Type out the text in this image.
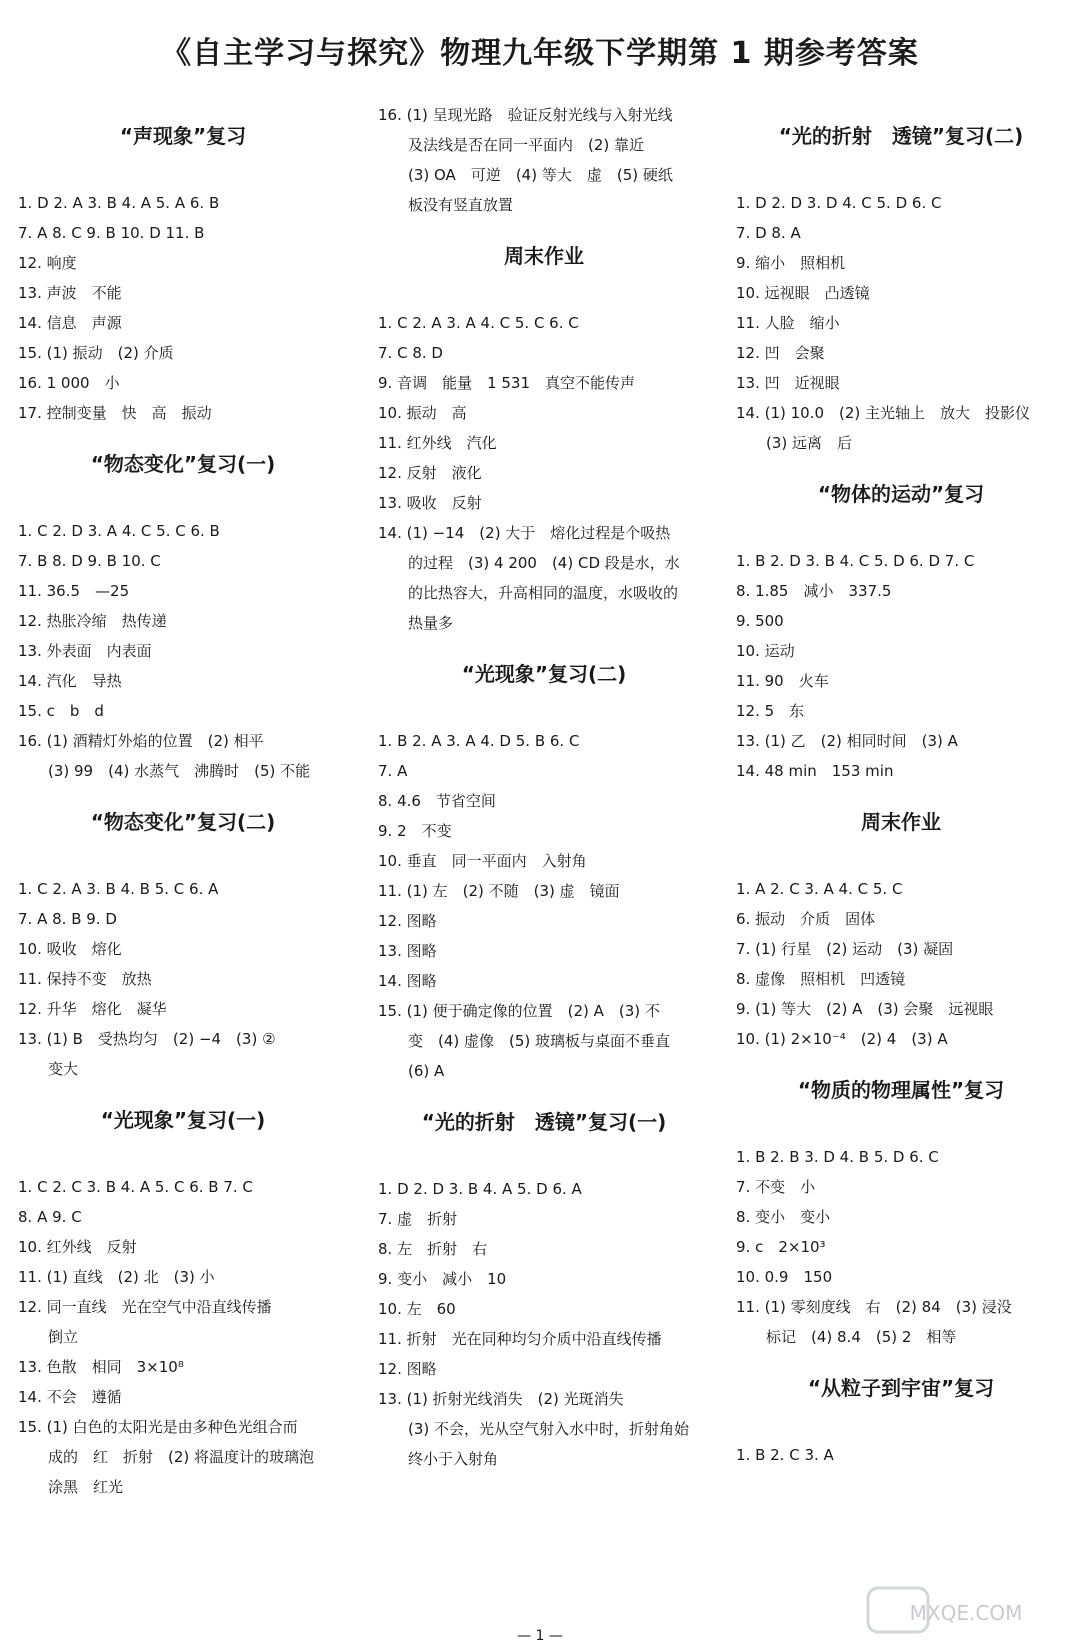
《自主学习与探究》物理九年级下学期第 1 期参考答案
“声现象”复习
1. D 2. A 3. B 4. A 5. A 6. B
7. A 8. C 9. B 10. D 11. B
12. 响度
13. 声波　不能
14. 信息　声源
15. (1) 振动　(2) 介质
16. 1 000　小
17. 控制变量　快　高　振动
“物态变化”复习(一)
1. C 2. D 3. A 4. C 5. C 6. B
7. B 8. D 9. B 10. C
11. 36.5　—25
12. 热胀冷缩　热传递
13. 外表面　内表面
14. 汽化　导热
15. c　b　d
16. (1) 酒精灯外焰的位置　(2) 相平
(3) 99　(4) 水蒸气　沸腾时　(5) 不能
“物态变化”复习(二)
1. C 2. A 3. B 4. B 5. C 6. A
7. A 8. B 9. D
10. 吸收　熔化
11. 保持不变　放热
12. 升华　熔化　凝华
13. (1) B　受热均匀　(2) −4　(3) ②
变大
“光现象”复习(一)
1. C 2. C 3. B 4. A 5. C 6. B 7. C
8. A 9. C
10. 红外线　反射
11. (1) 直线　(2) 北　(3) 小
12. 同一直线　光在空气中沿直线传播
倒立
13. 色散　相同　3×10⁸
14. 不会　遵循
15. (1) 白色的太阳光是由多种色光组合而
成的　红　折射　(2) 将温度计的玻璃泡
涂黑　红光
16. (1) 呈现光路　验证反射光线与入射光线
及法线是否在同一平面内　(2) 靠近
(3) OA　可逆　(4) 等大　虚　(5) 硬纸
板没有竖直放置
周末作业
1. C 2. A 3. A 4. C 5. C 6. C
7. C 8. D
9. 音调　能量　1 531　真空不能传声
10. 振动　高
11. 红外线　汽化
12. 反射　液化
13. 吸收　反射
14. (1) −14　(2) 大于　熔化过程是个吸热
的过程　(3) 4 200　(4) CD 段是水，水
的比热容大，升高相同的温度，水吸收的
热量多
“光现象”复习(二)
1. B 2. A 3. A 4. D 5. B 6. C
7. A
8. 4.6　节省空间
9. 2　不变
10. 垂直　同一平面内　入射角
11. (1) 左　(2) 不随　(3) 虚　镜面
12. 图略
13. 图略
14. 图略
15. (1) 便于确定像的位置　(2) A　(3) 不
变　(4) 虚像　(5) 玻璃板与桌面不垂直
(6) A
“光的折射　透镜”复习(一)
1. D 2. D 3. B 4. A 5. D 6. A
7. 虚　折射
8. 左　折射　右
9. 变小　减小　10
10. 左　60
11. 折射　光在同种均匀介质中沿直线传播
12. 图略
13. (1) 折射光线消失　(2) 光斑消失
(3) 不会，光从空气射入水中时，折射角始
终小于入射角
“光的折射　透镜”复习(二)
1. D 2. D 3. D 4. C 5. D 6. C
7. D 8. A
9. 缩小　照相机
10. 远视眼　凸透镜
11. 人脸　缩小
12. 凹　会聚
13. 凹　近视眼
14. (1) 10.0　(2) 主光轴上　放大　投影仪
(3) 远离　后
“物体的运动”复习
1. B 2. D 3. B 4. C 5. D 6. D 7. C
8. 1.85　减小　337.5
9. 500
10. 运动
11. 90　火车
12. 5　东
13. (1) 乙　(2) 相同时间　(3) A
14. 48 min　153 min
周末作业
1. A 2. C 3. A 4. C 5. C
6. 振动　介质　固体
7. (1) 行星　(2) 运动　(3) 凝固
8. 虚像　照相机　凹透镜
9. (1) 等大　(2) A　(3) 会聚　远视眼
10. (1) 2×10⁻⁴　(2) 4　(3) A
“物质的物理属性”复习
1. B 2. B 3. D 4. B 5. D 6. C
7. 不变　小
8. 变小　变小
9. c　2×10³
10. 0.9　150
11. (1) 零刻度线　右　(2) 84　(3) 浸没
标记　(4) 8.4　(5) 2　相等
“从粒子到宇宙”复习
1. B 2. C 3. A
— 1 —
MXQE.COM
